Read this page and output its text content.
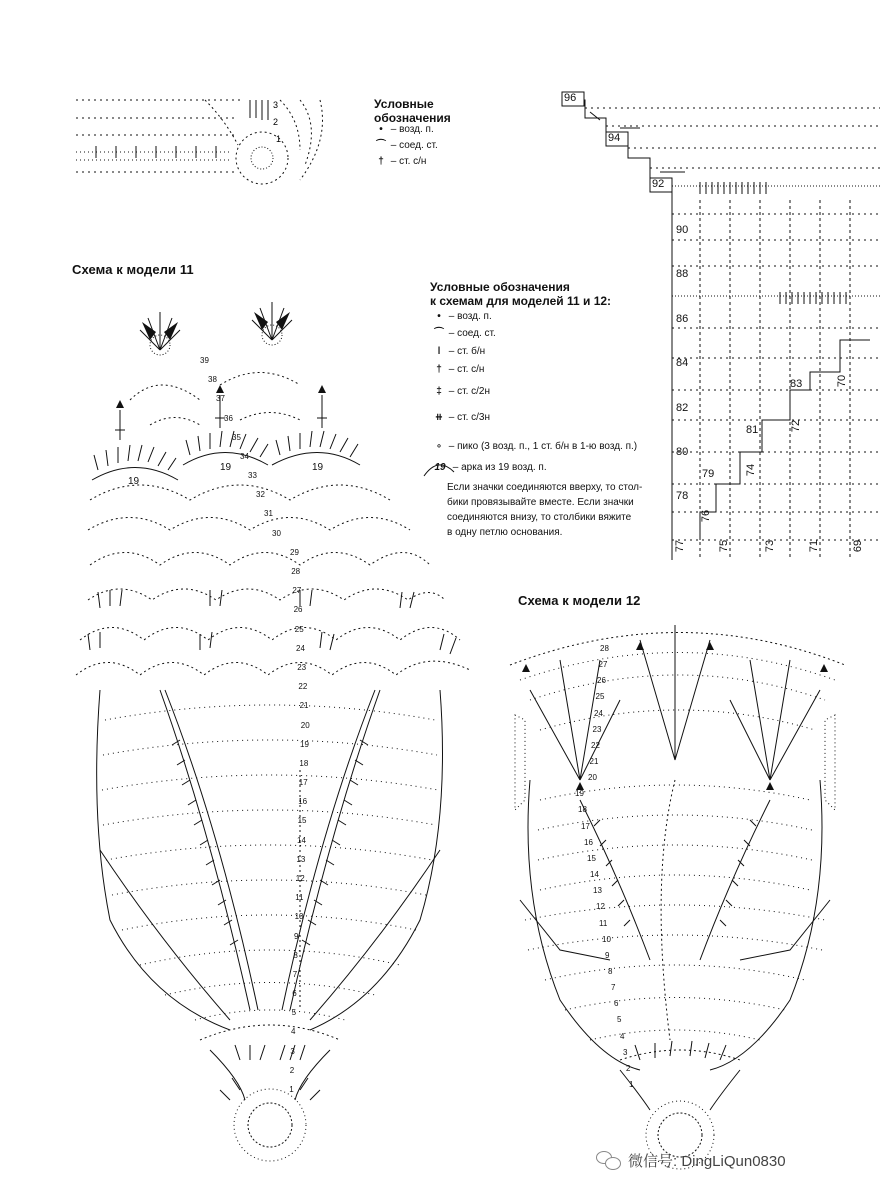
3
2
1
Условные обозначения
• – возд. п.
⌒ – соед. ст.
† – ст. с/н
96
94
92
90
88
86
84
82
80
78
83	70
81	72
79	74
76
77	75	73	71	69
Схема к модели 11
Условные обозначения
к схемам для моделей 11 и 12:
• – возд. п.
⌒ – соед. ст.
ǀ – ст. б/н
† – ст. с/н
‡ – ст. с/2н
⧺ – ст. с/3н
∘ – пико (3 возд. п., 1 ст. б/н в 1-ю возд. п.)
19 – арка из 19 возд. п.
Если значки соединяются вверху, то стол-
бики провязывайте вместе. Если значки
соединяются внизу, то столбики вяжите
в одну петлю основания.
19
19	19
39
38
37
36
35
34
33
32
31
30
29
28
27
26
25
24
23
22
21
20
19
18
17
16
15
14
13
12
11
10
9
8
7
6
5
4
3
2
1
Схема к модели 12
28
27
26
25
24
23
22
21
20
19
18
17
16
15
14
13
12
11
10
9
8
7
6
5
4
3
2
1
微信号: DingLiQun0830
